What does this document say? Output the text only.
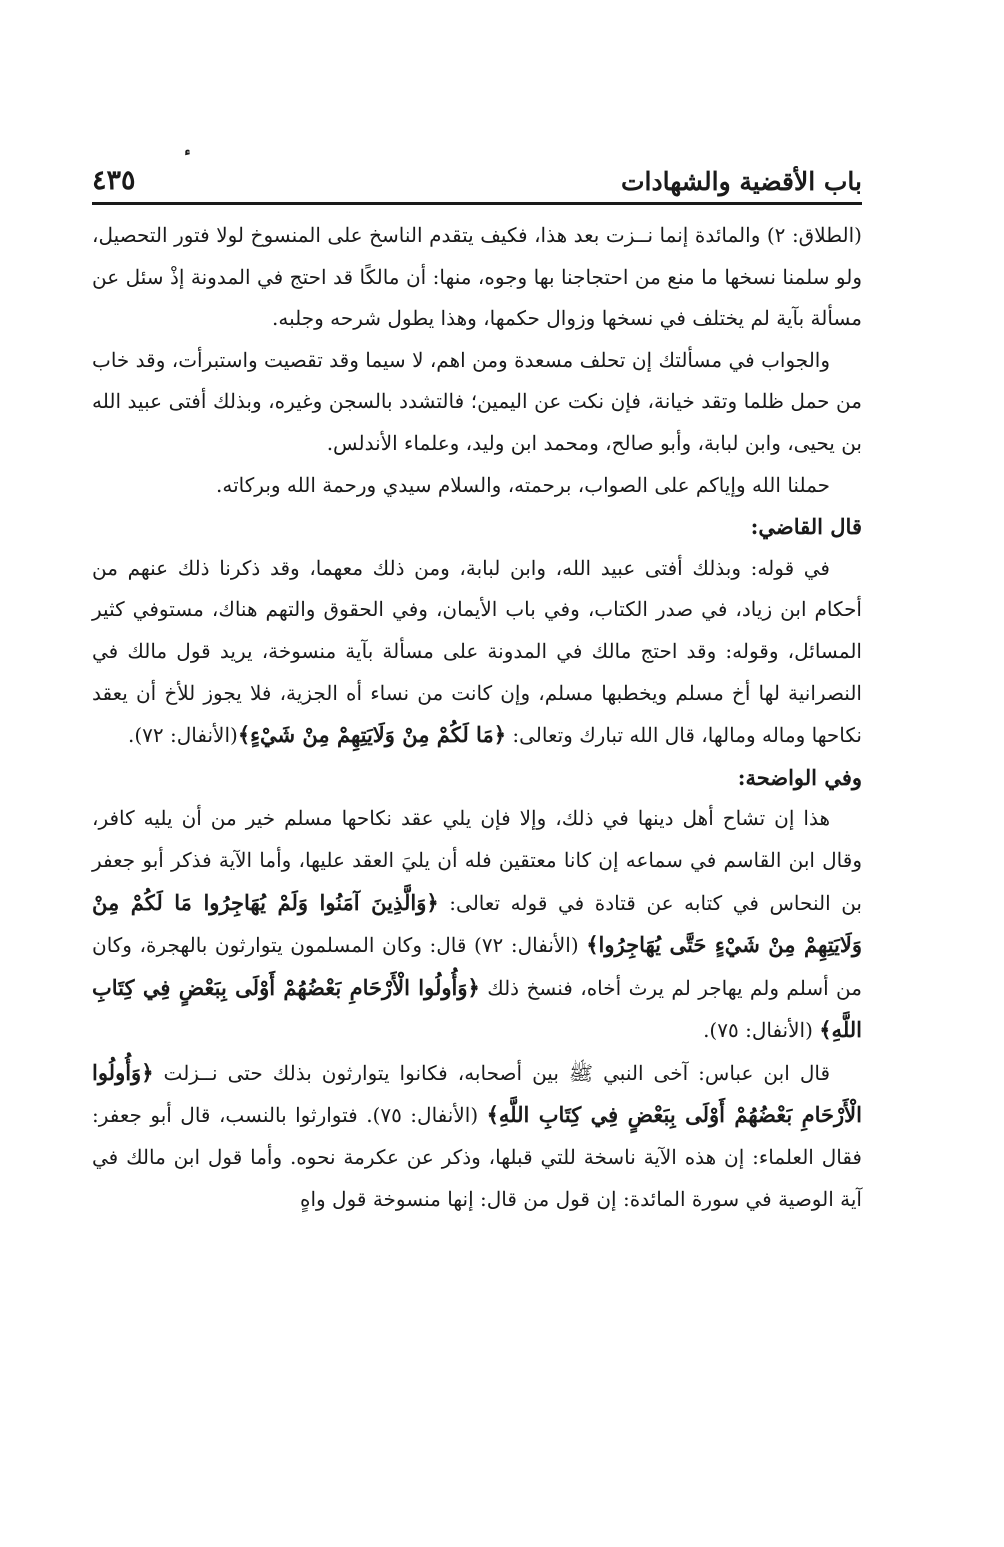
باب الأقضية والشهادات
٤٣٥

(الطلاق: ٢) والمائدة إنما نــزت بعد هذا، فكيف يتقدم الناسخ على المنسوخ لولا فتور التحصيل، ولو سلمنا نسخها ما منع من احتجاجنا بها وجوه، منها: أن مالكًا قد احتج في المدونة إذْ سئل عن مسألة بآية لم يختلف في نسخها وزوال حكمها، وهذا يطول شرحه وجلبه.

والجواب في مسألتك إن تحلف مسعدة ومن اهم، لا سيما وقد تقصيت واستبرأت، وقد خاب من حمل ظلما وتقد خيانة، فإن نكت عن اليمين؛ فالتشدد بالسجن وغيره، وبذلك أفتى عبيد الله بن يحيى، وابن لبابة، وأبو صالح، ومحمد ابن وليد، وعلماء الأندلس.

حملنا الله وإياكم على الصواب، برحمته، والسلام سيدي ورحمة الله وبركاته.

قال القاضي:

في قوله: وبذلك أفتى عبيد الله، وابن لبابة، ومن ذلك معهما، وقد ذكرنا ذلك عنهم من أحكام ابن زياد، في صدر الكتاب، وفي باب الأيمان، وفي الحقوق والتهم هناك، مستوفي كثير المسائل، وقوله: وقد احتج مالك في المدونة على مسألة بآية منسوخة، يريد قول مالك في النصرانية لها أخ مسلم ويخطبها مسلم، وإن كانت من نساء أه الجزية، فلا يجوز للأخ أن يعقد نكاحها وماله ومالها، قال الله تبارك وتعالى: ﴿مَا لَكُمْ مِنْ وَلَايَتِهِمْ مِنْ شَيْءٍ﴾(الأنفال: ٧٢).

وفي الواضحة:

هذا إن تشاح أهل دينها في ذلك، وإلا فإن يلي عقد نكاحها مسلم خير من أن يليه كافر، وقال ابن القاسم في سماعه إن كانا معتقين فله أن يليَ العقد عليها، وأما الآية فذكر أبو جعفر بن النحاس في كتابه عن قتادة في قوله تعالى: ﴿وَالَّذِينَ آمَنُوا وَلَمْ يُهَاجِرُوا مَا لَكُمْ مِنْ وَلَايَتِهِمْ مِنْ شَيْءٍ حَتَّى يُهَاجِرُوا﴾ (الأنفال: ٧٢) قال: وكان المسلمون يتوارثون بالهجرة، وكان من أسلم ولم يهاجر لم يرث أخاه، فنسخ ذلك ﴿وَأُولُوا الْأَرْحَامِ بَعْضُهُمْ أَوْلَى بِبَعْضٍ فِي كِتَابِ اللَّهِ﴾ (الأنفال: ٧٥).

قال ابن عباس: آخى النبي ﷺ بين أصحابه، فكانوا يتوارثون بذلك حتى نــزلت ﴿وَأُولُوا الْأَرْحَامِ بَعْضُهُمْ أَوْلَى بِبَعْضٍ فِي كِتَابِ اللَّهِ﴾ (الأنفال: ٧٥). فتوارثوا بالنسب، قال أبو جعفر: فقال العلماء: إن هذه الآية ناسخة للتي قبلها، وذكر عن عكرمة نحوه. وأما قول ابن مالك في آية الوصية في سورة المائدة: إن قول من قال: إنها منسوخة قول واهٍ
